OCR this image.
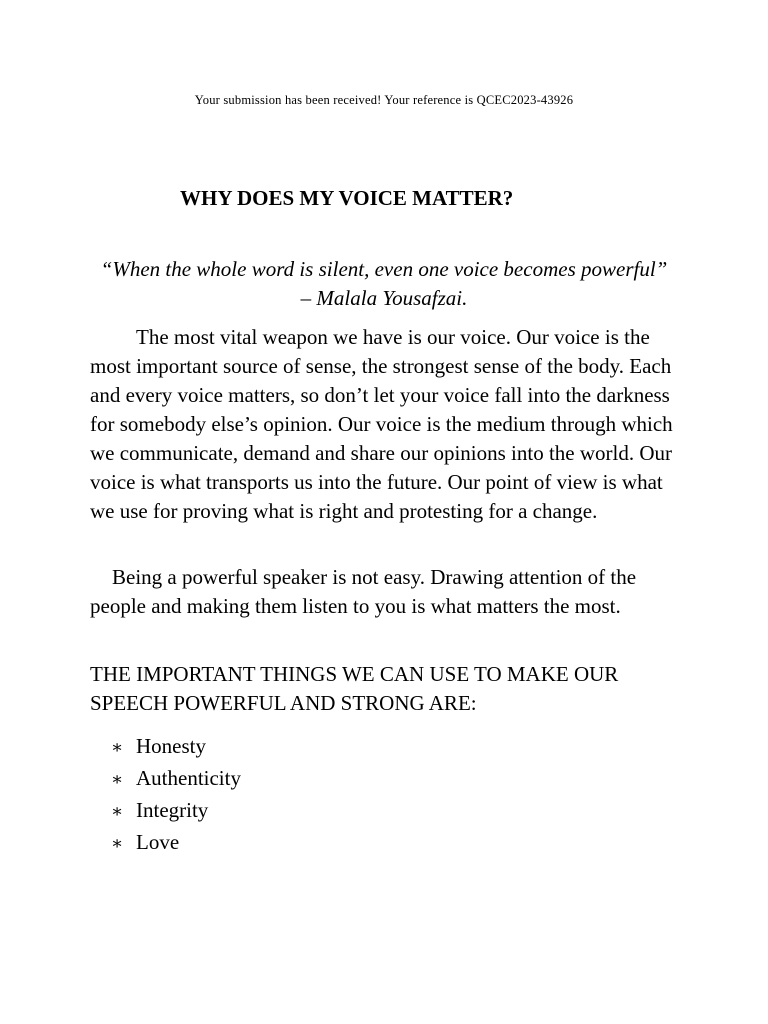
Your submission has been received! Your reference is QCEC2023-43926
WHY DOES MY VOICE MATTER?

“When the whole word is silent, even one voice becomes powerful” – Malala Yousafzai.

The most vital weapon we have is our voice. Our voice is the most important source of sense, the strongest sense of the body. Each and every voice matters, so don’t let your voice fall into the darkness for somebody else’s opinion. Our voice is the medium through which we communicate, demand and share our opinions into the world. Our voice is what transports us into the future. Our point of view is what we use for proving what is right and protesting for a change.

Being a powerful speaker is not easy. Drawing attention of the people and making them listen to you is what matters the most.

THE IMPORTANT THINGS WE CAN USE TO MAKE OUR SPEECH POWERFUL AND STRONG ARE:

∗ Honesty
∗ Authenticity
∗ Integrity
∗ Love
